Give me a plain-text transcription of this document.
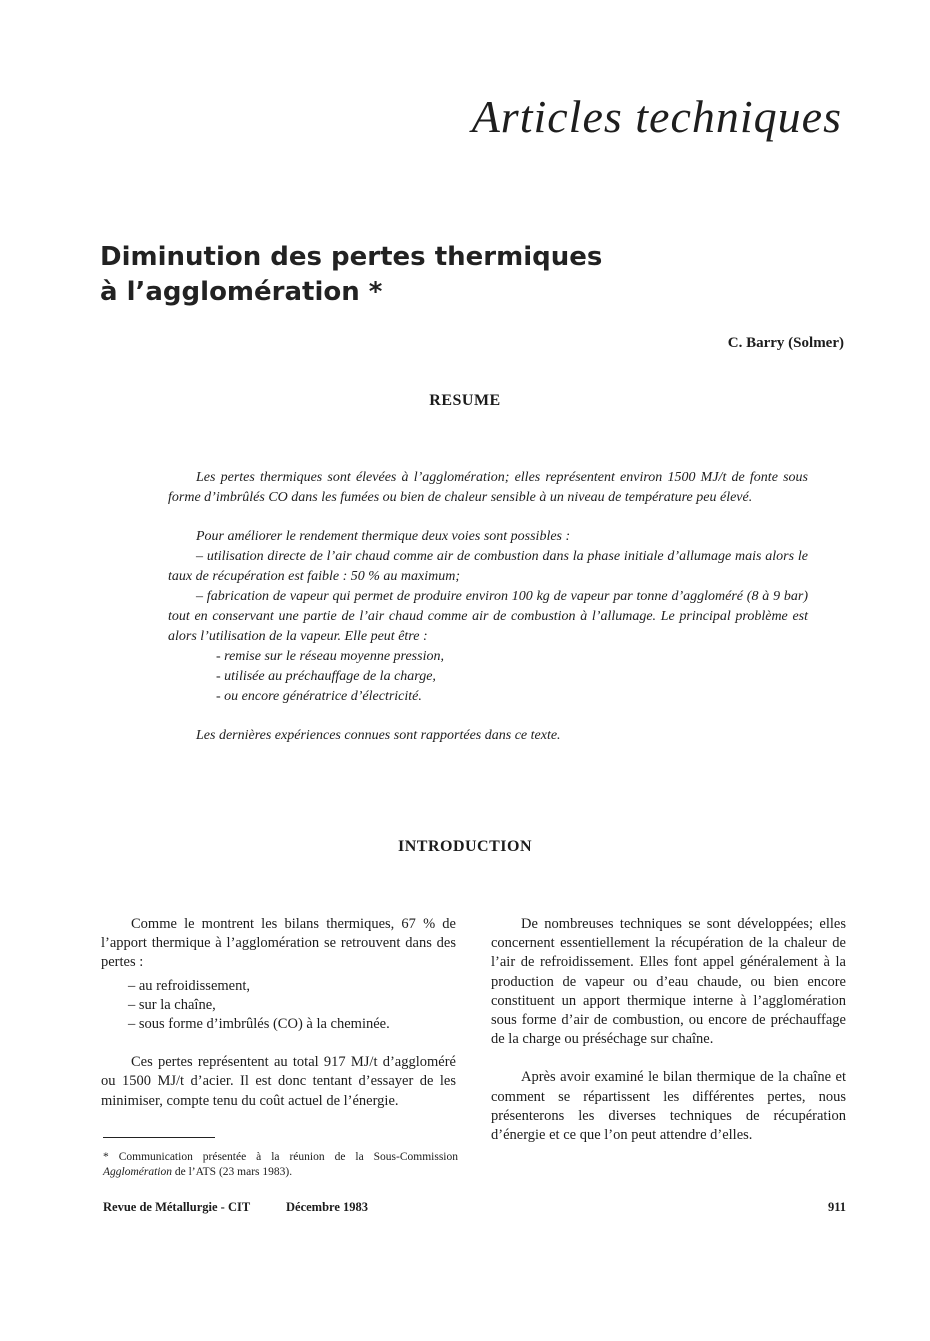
Articles techniques
Diminution des pertes thermiques
à l’agglomération *
C. Barry (Solmer)
RESUME

Les pertes thermiques sont élevées à l’agglomération; elles représentent environ 1500 MJ/t de fonte sous forme d’imbrûlés CO dans les fumées ou bien de chaleur sensible à un niveau de température peu élevé.

Pour améliorer le rendement thermique deux voies sont possibles :

– utilisation directe de l’air chaud comme air de combustion dans la phase initiale d’allumage mais alors le taux de récupération est faible : 50 % au maximum;

– fabrication de vapeur qui permet de produire environ 100 kg de vapeur par tonne d’aggloméré (8 à 9 bar) tout en conservant une partie de l’air chaud comme air de combustion à l’allumage. Le principal problème est alors l’utilisation de la vapeur. Elle peut être :

- remise sur le réseau moyenne pression,

- utilisée au préchauffage de la charge,

- ou encore génératrice d’électricité.

Les dernières expériences connues sont rapportées dans ce texte.

INTRODUCTION

Comme le montrent les bilans thermiques, 67 % de l’apport thermique à l’agglomération se retrouvent dans des pertes :

– au refroidissement,

– sur la chaîne,

– sous forme d’imbrûlés (CO) à la cheminée.

Ces pertes représentent au total 917 MJ/t d’aggloméré ou 1500 MJ/t d’acier. Il est donc tentant d’essayer de les minimiser, compte tenu du coût actuel de l’énergie.

De nombreuses techniques se sont développées; elles concernent essentiellement la récupération de la chaleur de l’air de refroidissement. Elles font appel généralement à la production de vapeur ou d’eau chaude, ou bien encore constituent un apport thermique interne à l’agglomération sous forme d’air de combustion, ou encore de préchauffage de la charge ou préséchage sur chaîne.

Après avoir examiné le bilan thermique de la chaîne et comment se répartissent les différentes pertes, nous présenterons les diverses techniques de récupération d’énergie et ce que l’on peut attendre d’elles.

* Communication présentée à la réunion de la Sous-Commission Agglomération de l’ATS (23 mars 1983).
Revue de Métallurgie - CIT	Décembre 1983	911
